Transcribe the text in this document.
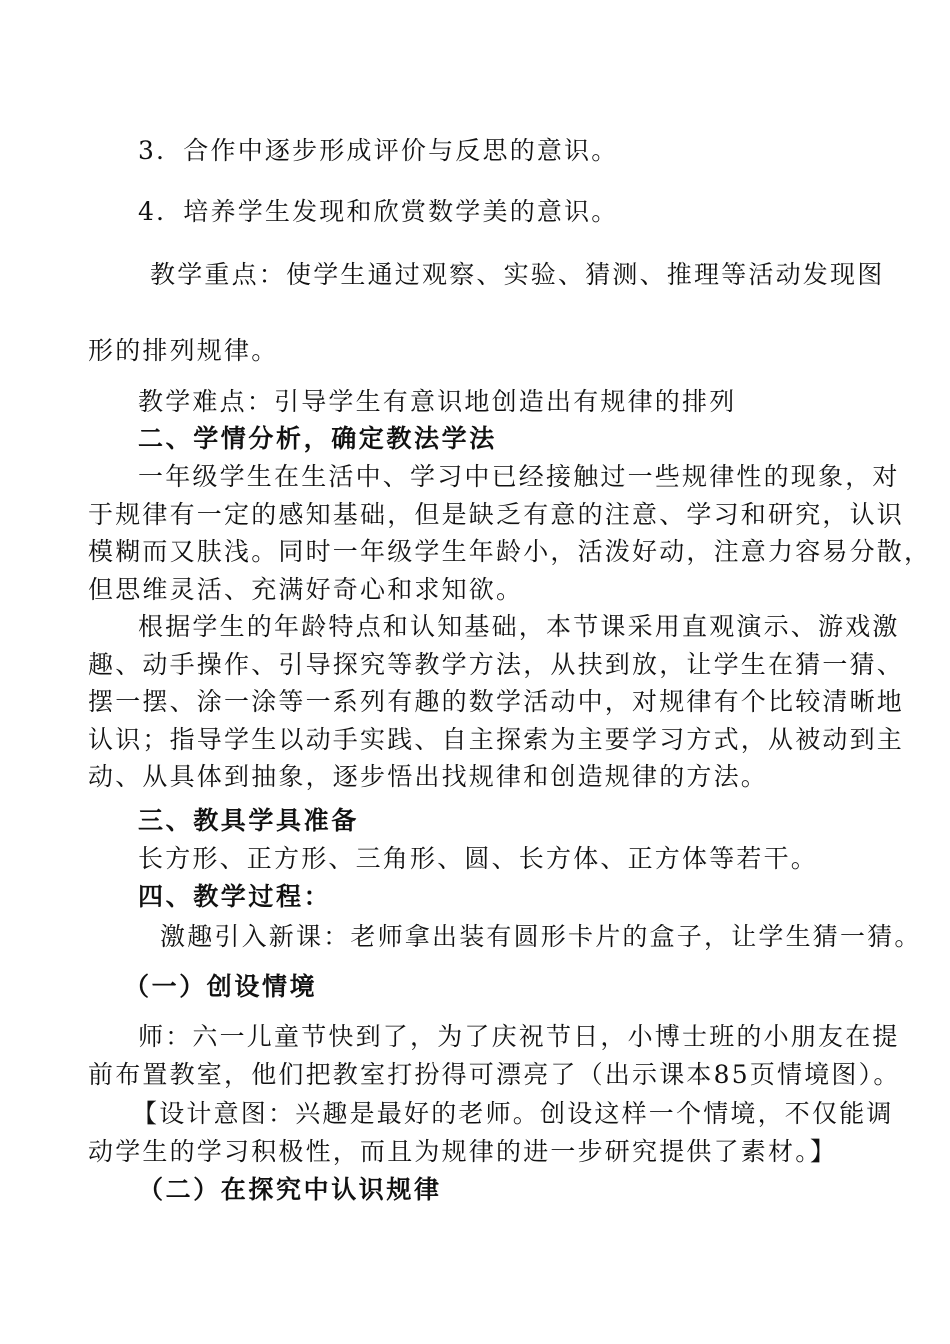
3．合作中逐步形成评价与反思的意识。
4．培养学生发现和欣赏数学美的意识。
教学重点：使学生通过观察、实验、猜测、推理等活动发现图
形的排列规律。
教学难点：引导学生有意识地创造出有规律的排列
二、学情分析，确定教法学法
一年级学生在生活中、学习中已经接触过一些规律性的现象，对
于规律有一定的感知基础，但是缺乏有意的注意、学习和研究，认识
模糊而又肤浅。同时一年级学生年龄小，活泼好动，注意力容易分散，
但思维灵活、充满好奇心和求知欲。
根据学生的年龄特点和认知基础，本节课采用直观演示、游戏激
趣、动手操作、引导探究等教学方法，从扶到放，让学生在猜一猜、
摆一摆、涂一涂等一系列有趣的数学活动中，对规律有个比较清晰地
认识；指导学生以动手实践、自主探索为主要学习方式，从被动到主
动、从具体到抽象，逐步悟出找规律和创造规律的方法。
三、教具学具准备
长方形、正方形、三角形、圆、长方体、正方体等若干。
四、教学过程：
激趣引入新课：老师拿出装有圆形卡片的盒子，让学生猜一猜。
（一）创设情境
师：六一儿童节快到了，为了庆祝节日，小博士班的小朋友在提
前布置教室，他们把教室打扮得可漂亮了（出示课本85页情境图）。
【设计意图：兴趣是最好的老师。创设这样一个情境，不仅能调
动学生的学习积极性，而且为规律的进一步研究提供了素材。】
（二）在探究中认识规律
